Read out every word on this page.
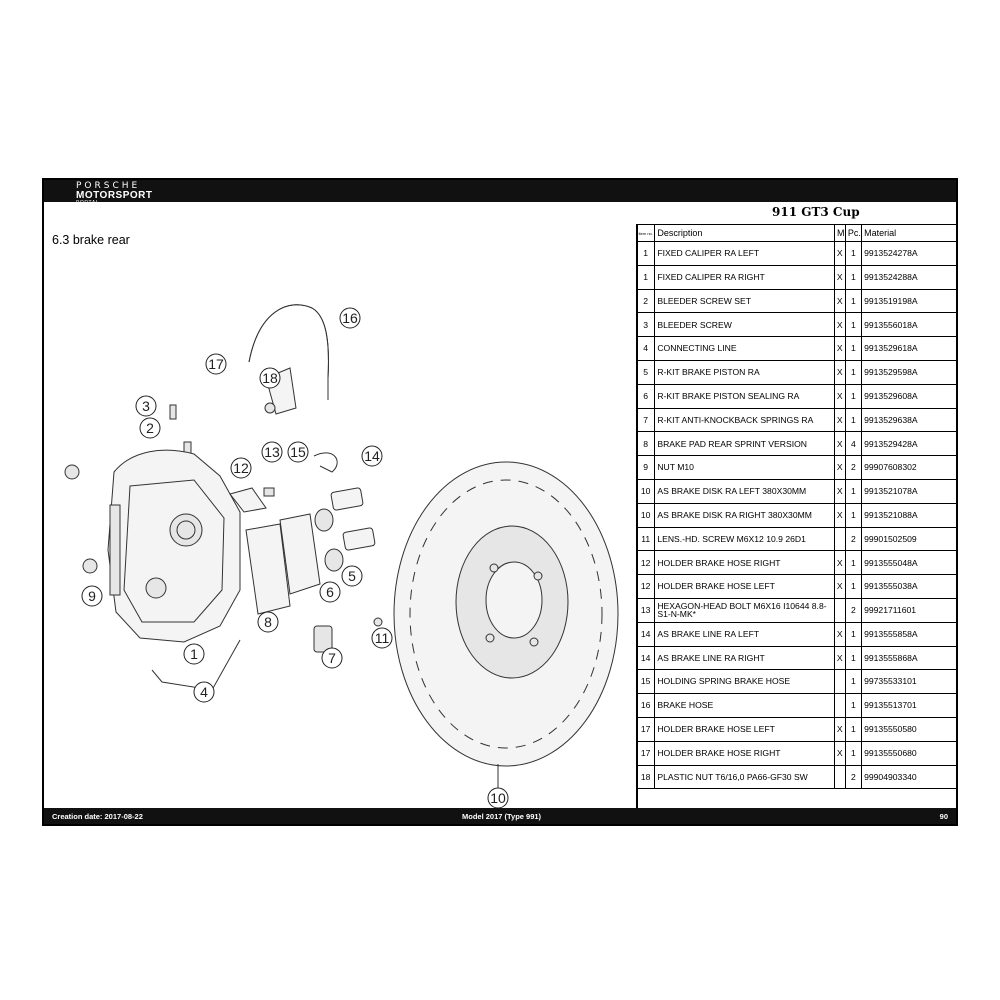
PORSCHE
MOTORSPORT
PORTAL
911 GT3 Cup
6.3 brake rear
16
17
18
3
2
12
13 15	14
9
8
6
5
7
11
1
4
10
Item no.	Description	M	Pc.	Material
1	FIXED CALIPER RA LEFT	X	1	9913524278A
1	FIXED CALIPER RA RIGHT	X	1	9913524288A
2	BLEEDER SCREW SET	X	1	9913519198A
3	BLEEDER SCREW	X	1	9913556018A
4	CONNECTING LINE	X	1	9913529618A
5	R-KIT BRAKE PISTON RA	X	1	9913529598A
6	R-KIT BRAKE PISTON SEALING RA	X	1	9913529608A
7	R-KIT ANTI-KNOCKBACK SPRINGS RA	X	1	9913529638A
8	BRAKE PAD REAR SPRINT VERSION	X	4	9913529428A
9	NUT M10	X	2	99907608302
10	AS BRAKE DISK RA LEFT 380X30MM	X	1	9913521078A
10	AS BRAKE DISK RA RIGHT 380X30MM	X	1	9913521088A
11	LENS.-HD. SCREW M6X12 10.9 26D1		2	99901502509
12	HOLDER BRAKE HOSE RIGHT	X	1	9913555048A
12	HOLDER BRAKE HOSE LEFT	X	1	9913555038A
13	HEXAGON-HEAD BOLT M6X16 I10644 8.8-S1-N-MK*		2	99921711601
14	AS BRAKE LINE RA LEFT	X	1	9913555858A
14	AS BRAKE LINE RA RIGHT	X	1	9913555868A
15	HOLDING SPRING BRAKE HOSE		1	99735533101
16	BRAKE HOSE		1	99135513701
17	HOLDER BRAKE HOSE LEFT	X	1	99135550580
17	HOLDER BRAKE HOSE RIGHT	X	1	99135550680
18	PLASTIC NUT T6/16,0 PA66-GF30 SW		2	99904903340
Creation date: 2017-08-22	Model 2017 (Type 991)	90
